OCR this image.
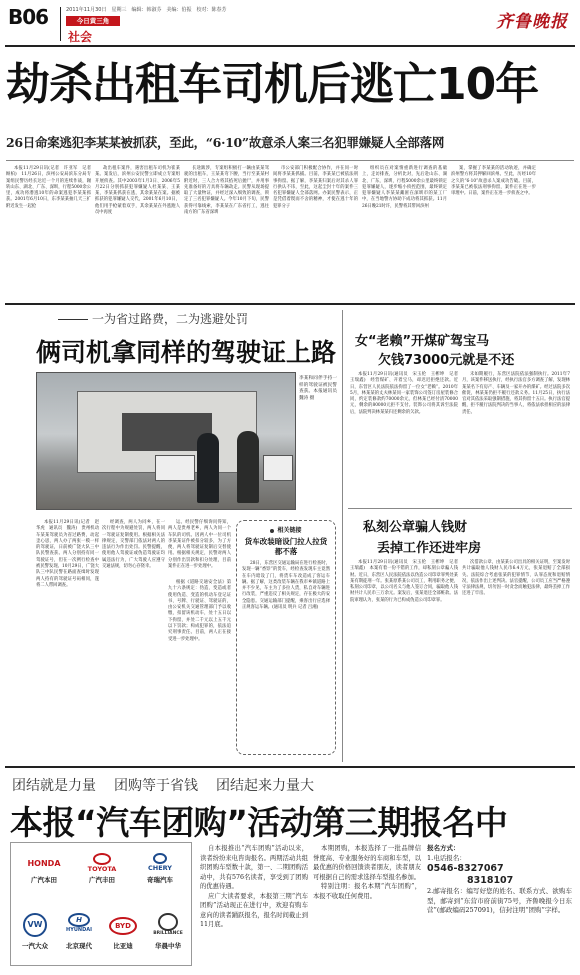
B06	2011年11月30日　星期三　编辑：韩淑芬　美编：伯振　校对：陈春芳
今日黄三角
社会
齐鲁晚报
劫杀出租车司机后逃亡10年
26日命案逃犯李某某被抓获，至此，“6·10”故意杀人案三名犯罪嫌疑人全部落网

本报11月29日讯(记者　许亚军　记者　顾柏)　11月26日，滨州公安局滨东分局专案组民警历经长达近一个月的连续作战，辗转山东、湖北、广东、深圳，行程5000余公里，成功将潜逃10年的命案逃犯李某某抓获。2001年6月10日，东李某某抽几天三扩附近发生一起抢

劫出租车案件，遇害出租车司机为崔某某。案发后，滨州公安民警立即成立专案组开展侦查。其中2003年1月3日、2006年5月22日分别抓获犯罪嫌疑人杜某某、王某某，李某某抓获在逃，其余某某在案。据被抓获的犯罪嫌疑人交代，2001年6月10日，他们用手枪蒙着双手，其余某某在外逃跑人员中再度

长途跋涉，专案组积极打一辆由某某驾驶的出租车，王某某弯下腰，当行至某某村附近时，三人合力将其掐死后抛尸，并用事先准备好的刀具将车辆劫走。民警从现场提取了大量物证，并经过深入细致的调查，锁定了三名犯罪嫌疑人。今年10月下旬，民警获得可靠线索，李某某在广东省打工，逃往南方的广东省深圳

市公安部门积极配合协作，并在同一时间将李某某抓捕。目前，李某某已被依法刑事拘留。据了解，李某某归案后对其杀人罪行供认不讳，至此，这起尘封十年的案件三名犯罪嫌疑人全部落网。办案民警表示，正是凭借着锲而不舍的精神，才使在逃十年的犯罪分子

组织员在对案情重新进行调查的基础上，走访排查，分析比对，先后赴山东、湖北、广东，深圳，行程5000余公里最终锁定犯罪嫌疑人，逐步缩小侦控范围，最终锁定犯罪嫌疑人李某某藏匿在深圳市的某工厂中，在当地警方协助下成功将其抓获。11月26日晚21时许，民警将其带回滨州

案，掌握了李某某的活动轨迹，并确定滨州警方将其押解回滨州。至此，历经10年之久的“6·10”故意杀人案成功告破。目前，李某某已被依法刑事拘留，案件正在进一步审理中。日前，案件正在进一步侦查之中。

一为省过路费，二为逃避处罚
俩司机拿同样的驾驶证上路
李某和同伴手持一样的驾驶证被民警查获。本报通讯员 魏涛 摄

本报11月29日讯(记者　赵华虎　通讯员　魏涛)　贵州机动车某某驾驶员为省过路费，动起歪心思，两人办了两张一模一样的驾驶证，日前被广饶大队三中队民警查获。两人分别持有同一驾驶证号，但在一次例行检查中被民警发现。10月29日，广饶大队三中队民警在路面查缉时发现两人持有的驾驶证号码相同，遂将二人带回调查。

经调查，两人为同乡，在一次行程中为规避处罚，两人将同一驾驶证复制使用。根据相关法律规定，交警部门依法对两人的违法行为作出处罚。民警提醒，使用他人驾驶证或伪造驾驶证均属违法行为，广大驾驶人应遵守交通法规，切勿心存侥幸。

运。经民警仔细询问得知，两人是贵州老乡，两人为同一个车队的司机。因两人中一位司机李某某证件被扣分较多，为了方便，两人将驾驶证复制后交替使用。根据相关规定，民警对两人分别作出罚款和扣分处理，目前案件正在进一步处理中。

根据《道路交通安全法》第九十六条规定：伪造、变造或者使用伪造、变造的机动车登记证书、号牌、行驶证、驾驶证的，由公安机关交通管理部门予以收缴，扣留该机动车，处十五日以下拘留，并处二千元以上五千元以下罚款；构成犯罪的，依法追究刑事责任。目前，两人正在接受进一步处理中。

相关链接
货车改装暗设门拉人拉货都不落

28日，东营区交通运输局在进行检查时，发现一辆“香饽”的货车，经检查发现车主竟然在车内暗设了门，将货车车改造成了客运车辆。据了解，这类改装车辆在我市乡镇道路上并不少见，车主为了多拉人货，私自对车辆进行改装，严重违反了相关规定，存在极大的安全隐患。交通运输部门提醒，乘客出行应选择正规客运车辆。(通讯员 明兵 记者 吕湘)

女“老赖”开煤矿驾宝马
欠钱73000元就是不还

本报11月29日讯(通讯员　宋玉伦　王彬坤　记者　王瑞鑫)　经营煤矿、开着宝马，却迟迟拒绝还款。近日，东营区人民法院依法拘留了一位女“老赖”。2010年5月，林某某的丈夫林某同一家装饰公司签订房屋装修合同，约定装修款约70000余元，但林某已经付清70000元，剩余的80000元拒不支付。装饰公司将其诉至法院后，法院判决林某某归还剩余的欠款。

未如期履行，东营区法院依法强制执行。2011年7月，该案件移送执行，经执行法官多方调查了解，发现林某某名下有房产、车辆及一家开办的煤矿。经过法院多次催促，林某某仍拒不履行还款义务。11月25日，执行法官对其依法采取强制措施，将其拘留十五日。执行法官提醒，拒不履行法院判决的当事人，将依法承担相应的法律责任。

私刻公章骗人钱财
丢掉工作还进牢房

本报11月29日讯(通讯员　宋玉伦　王彬坤　记者　王瑞鑫)　本案有着一份不错的工作，却私刻公章骗人钱财。近日，东营区人民法院依法以伪造公司印章罪判处某某有期徒刑一年。张某原系某公司员工，利用职务之便，私刻公司印章，以公司名义与他人签订合同，骗取他人钱财共计人民币三万余元。案发后，张某退还全部赃款。法院审理认为，张某的行为已构成伪造公司印章罪。

次借款公章，由某某公司出具的相关证明，至案发时共计骗取他人钱财人民币6.4万元，张某退赔了全部损失。法院综合考虑张某的犯罪情节、认罪态度和退赔情况，依法作出上述判决。法官提醒，公司员工应当严格遵守法律法规，切勿因一时贪念而触犯法律，最终丢掉工作还进了牢房。

团结就是力量 团购等于省钱 团结起来力量大
本报“汽车团购”活动第三期报名中
HONDA
广汽本田
TOYOTA
广汽丰田
CHERY
奇瑞汽车
VW
一汽大众
H
HYUNDAI
北京现代
BYD
比亚迪
BRILLIANCE
华晨中华

自本报推出“汽车团购”活动以来，读者纷纷来电咨询报名。两期活动共组织团购车型数十款，第一、二期团购活动中，共有576名读者，享受到了团购的优惠待遇。

应广大读者要求，本报第三期“汽车团购”活动现正在进行中，欢迎有购车意向的读者踊跃报名，报名时间截止到11月底。

本期团购，本报选择了一批品牌信誉度高、专业服务好的车商和车型，以最优惠的价格回馈读者朋友，读者朋友可根据自己的需求选择车型报名参加。

特别注明：报名本期“汽车团购”，本报不收取任何费用。

报名方式：
1.电话报名：
0546-8327067
8318107
2.邮寄报名：编写好您的姓名、联系方式、欲购车型，邮寄到“东营市府前街75号，齐鲁晚报今日东营”(邮政编码257091)，信封注明“团购”字样。
